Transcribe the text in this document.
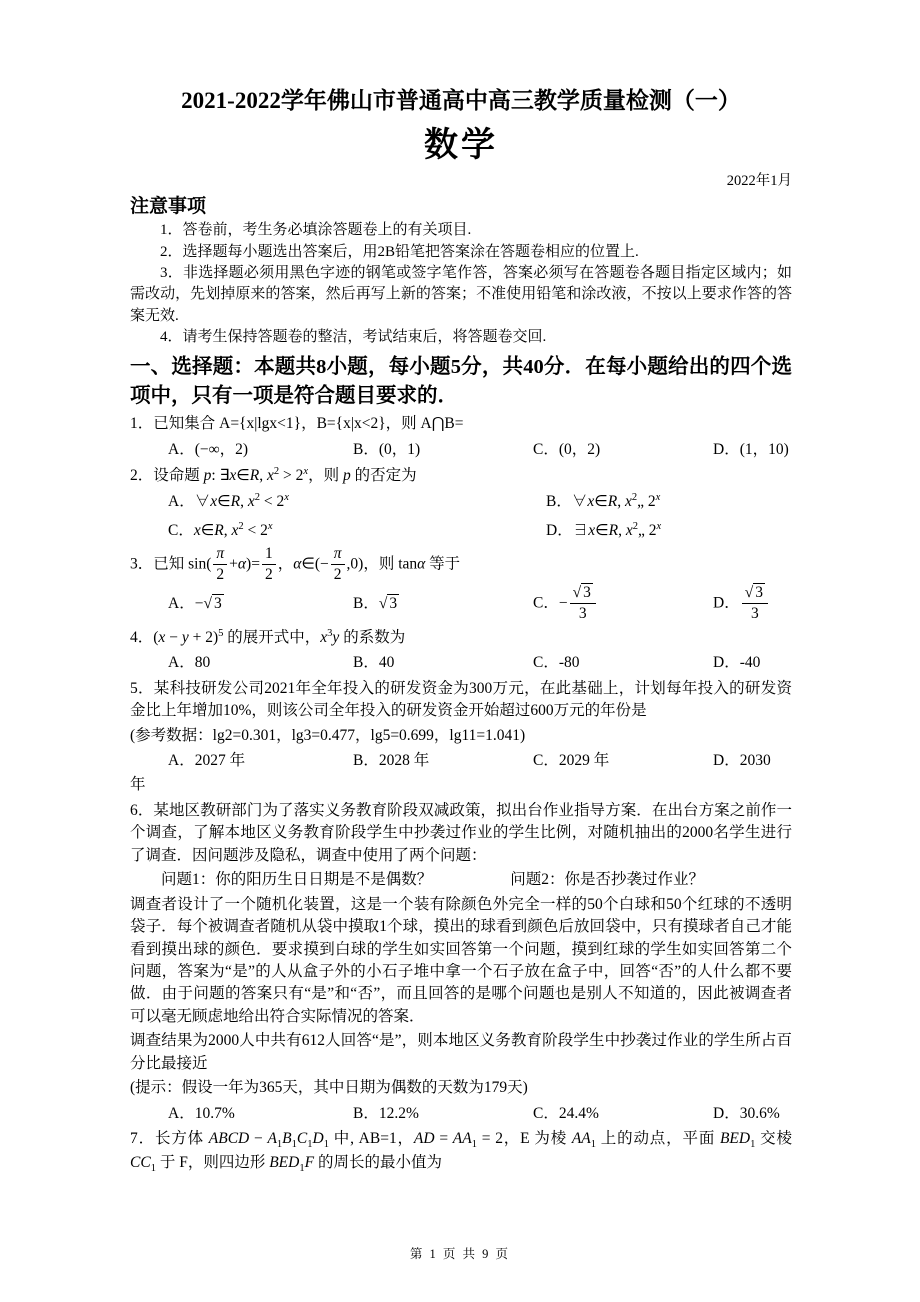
2021-2022学年佛山市普通高中高三教学质量检测（一）

数学

2022年1月

注意事项

1．答卷前，考生务必填涂答题卷上的有关项目.

2．选择题每小题选出答案后，用2B铅笔把答案涂在答题卷相应的位置上.

3．非选择题必须用黑色字迹的钢笔或签字笔作答，答案必须写在答题卷各题目指定区域内；如需改动，先划掉原来的答案，然后再写上新的答案；不准使用铅笔和涂改液，不按以上要求作答的答案无效.

4．请考生保持答题卷的整洁，考试结束后，将答题卷交回.

一、选择题：本题共8小题，每小题5分，共40分．在每小题给出的四个选项中，只有一项是符合题目要求的．

1．已知集合 A={x|lgx<1}，B={x|x<2}，则 A⋂B=

A．(−∞，2)	B．(0，1)	C．(0，2)	D．(1，10)

2．设命题 p: ∃x∈R, $x^2 > 2^x$，则 p 的否定为

A．∀x∈R, $x^2 < 2^x$	B．∀x∈R, $x^2„$ 2$^x$
C．x∈R, $x^2 < 2^x$	D．∃x∈R, $x^2„$ 2$^x$

3．已知 $\sin( \frac{\pi}{2} +\alpha)= \frac{1}{2}$ ，α∈(− $\frac{\pi}{2} ,0$)，则 tanα 等于

A．−√ 3	B．√ 3	C．− $\frac{√ 3}{3}$	D． $\frac{√ 3}{3}$

4．$(x - y + 2)^5$ 的展开式中，$x^3y$ 的系数为

A．80	B．40	C．-80	D．-40

5．某科技研发公司2021年全年投入的研发资金为300万元，在此基础上，计划每年投入的研发资金比上年增加10%，则该公司全年投入的研发资金开始超过600万元的年份是

(参考数据：lg2=0.301，lg3=0.477，lg5=0.699，lg11=1.041)

A．2027 年	B．2028 年	C．2029 年	D．2030

年

6．某地区教研部门为了落实义务教育阶段双减政策，拟出台作业指导方案．在出台方案之前作一个调查，了解本地区义务教育阶段学生中抄袭过作业的学生比例，对随机抽出的2000名学生进行了调查．因问题涉及隐私，调查中使用了两个问题：

问题1：你的阳历生日日期是不是偶数？	问题2：你是否抄袭过作业？

调查者设计了一个随机化装置，这是一个装有除颜色外完全一样的50个白球和50个红球的不透明袋子．每个被调查者随机从袋中摸取1个球，摸出的球看到颜色后放回袋中，只有摸球者自己才能看到摸出球的颜色．要求摸到白球的学生如实回答第一个问题，摸到红球的学生如实回答第二个问题，答案为“是”的人从盒子外的小石子堆中拿一个石子放在盒子中，回答“否”的人什么都不要做．由于问题的答案只有“是”和“否”，而且回答的是哪个问题也是别人不知道的，因此被调查者可以毫无顾虑地给出符合实际情况的答案．

调查结果为2000人中共有612人回答“是”，则本地区义务教育阶段学生中抄袭过作业的学生所占百分比最接近

(提示：假设一年为365天，其中日期为偶数的天数为179天)

A．10.7%	B．12.2%	C．24.4%	D．30.6%

7．长方体 ABCD − $A_1B_1C_1D_1$ 中, AB=1，AD = $AA_1 = 2$，E 为棱 $AA_1$ 上的动点，平面 $BED_1$ 交棱 $CC_1$ 于 F，则四边形 $BED_1F$ 的周长的最小值为

第 1 页 共 9 页
